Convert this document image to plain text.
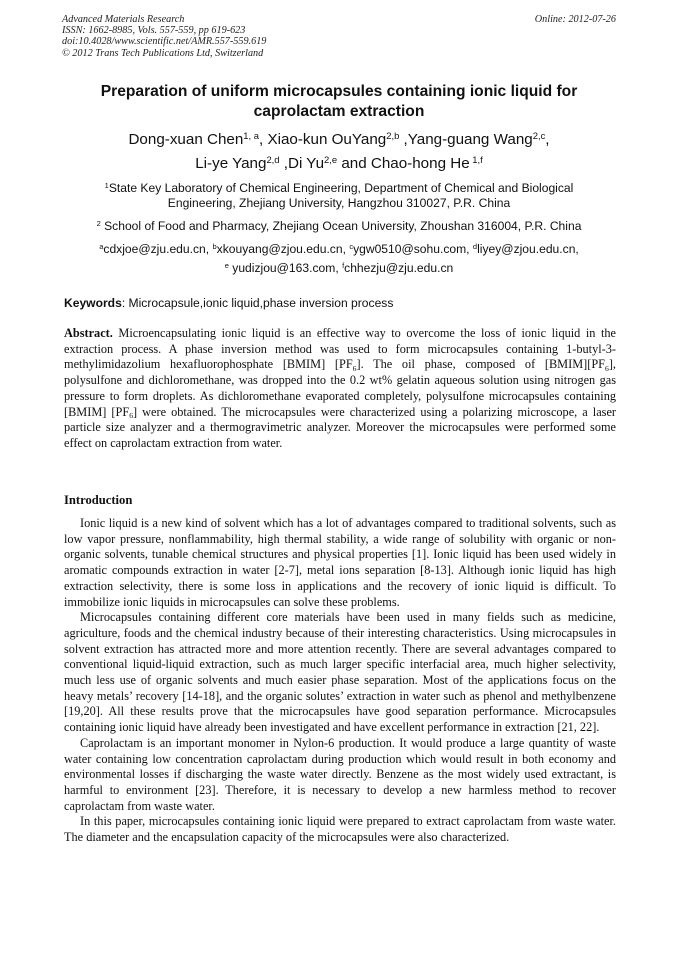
Advanced Materials Research
ISSN: 1662-8985, Vols. 557-559, pp 619-623
doi:10.4028/www.scientific.net/AMR.557-559.619
© 2012 Trans Tech Publications Ltd, Switzerland
Online: 2012-07-26
Preparation of uniform microcapsules containing ionic liquid for
caprolactam extraction
Dong-xuan Chen$^{1, a}$, Xiao-kun OuYang$^{2,b}$ ,Yang-guang Wang$^{2,c}$,
Li-ye Yang$^{2,d}$ ,Di Yu$^{2,e}$ and Chao-hong He $^{1,f}$
$^1$State Key Laboratory of Chemical Engineering, Department of Chemical and Biological
Engineering, Zhejiang University, Hangzhou 310027, P.R. China
$^2$ School of Food and Pharmacy, Zhejiang Ocean University, Zhoushan 316004, P.R. China
$^a$cdxjoe@zju.edu.cn, $^b$xkouyang@zjou.edu.cn, $^c$ygw0510@sohu.com, $^d$liyey@zjou.edu.cn,
$^e$ yudizjou@163.com, $^f$chhezju@zju.edu.cn
Keywords: Microcapsule,ionic liquid,phase inversion process
Abstract. Microencapsulating ionic liquid is an effective way to overcome the loss of ionic liquid in the extraction process. A phase inversion method was used to form microcapsules containing 1-butyl-3-methylimidazolium hexafluorophosphate [BMIM] $[PF_6]$. The oil phase, composed of $[BMIM][PF_6]$, polysulfone and dichloromethane, was dropped into the 0.2 wt% gelatin aqueous solution using nitrogen gas pressure to form droplets. As dichloromethane evaporated completely, polysulfone microcapsules containing [BMIM] $[PF_6]$ were obtained. The microcapsules were characterized using a polarizing microscope, a laser particle size analyzer and a thermogravimetric analyzer. Moreover the microcapsules were performed some effect on caprolactam extraction from water.
Introduction

Ionic liquid is a new kind of solvent which has a lot of advantages compared to traditional solvents, such as low vapor pressure, nonflammability, high thermal stability, a wide range of solubility with organic or non-organic solvents, tunable chemical structures and physical properties [1]. Ionic liquid has been used widely in aromatic compounds extraction in water [2-7], metal ions separation [8-13]. Although ionic liquid has high extraction selectivity, there is some loss in applications and the recovery of ionic liquid is difficult. To immobilize ionic liquids in microcapsules can solve these problems.

Microcapsules containing different core materials have been used in many fields such as medicine, agriculture, foods and the chemical industry because of their interesting characteristics. Using microcapsules in solvent extraction has attracted more and more attention recently. There are several advantages compared to conventional liquid-liquid extraction, such as much larger specific interfacial area, much higher selectivity, much less use of organic solvents and much easier phase separation. Most of the applications focus on the heavy metals’ recovery [14-18], and the organic solutes’ extraction in water such as phenol and methylbenzene [19,20]. All these results prove that the microcapsules have good separation performance. Microcapsules containing ionic liquid have already been investigated and have excellent performance in extraction [21, 22].

Caprolactam is an important monomer in Nylon-6 production. It would produce a large quantity of waste water containing low concentration caprolactam during production which would result in both economy and environmental losses if discharging the waste water directly. Benzene as the most widely used extractant, is harmful to environment [23]. Therefore, it is necessary to develop a new harmless method to recover caprolactam from waste water.

In this paper, microcapsules containing ionic liquid were prepared to extract caprolactam from waste water. The diameter and the encapsulation capacity of the microcapsules were also characterized.
